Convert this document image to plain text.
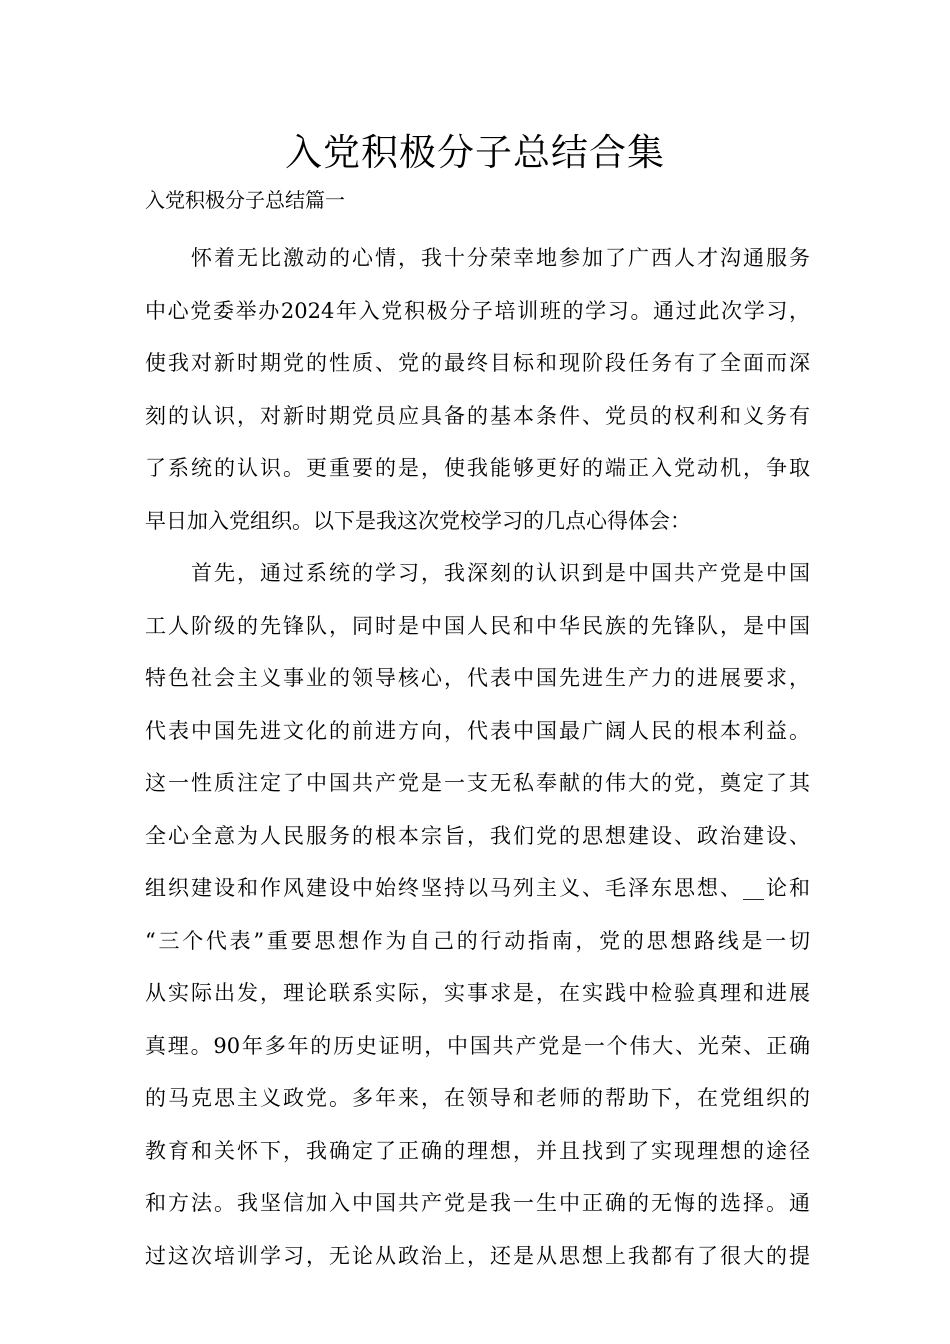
入党积极分子总结合集
入党积极分子总结篇一
怀着无比激动的心情，我十分荣幸地参加了广西人才沟通服务
中心党委举办2024年入党积极分子培训班的学习。通过此次学习，
使我对新时期党的性质、党的最终目标和现阶段任务有了全面而深
刻的认识，对新时期党员应具备的基本条件、党员的权利和义务有
了系统的认识。更重要的是，使我能够更好的端正入党动机，争取
早日加入党组织。以下是我这次党校学习的几点心得体会：
首先，通过系统的学习，我深刻的认识到是中国共产党是中国
工人阶级的先锋队，同时是中国人民和中华民族的先锋队，是中国
特色社会主义事业的领导核心，代表中国先进生产力的进展要求，
代表中国先进文化的前进方向，代表中国最广阔人民的根本利益。
这一性质注定了中国共产党是一支无私奉献的伟大的党，奠定了其
全心全意为人民服务的根本宗旨，我们党的思想建设、政治建设、
组织建设和作风建设中始终坚持以马列主义、毛泽东思想、__论和
“三个代表”重要思想作为自己的行动指南，党的思想路线是一切
从实际出发，理论联系实际，实事求是，在实践中检验真理和进展
真理。90年多年的历史证明，中国共产党是一个伟大、光荣、正确
的马克思主义政党。多年来，在领导和老师的帮助下，在党组织的
教育和关怀下，我确定了正确的理想，并且找到了实现理想的途径
和方法。我坚信加入中国共产党是我一生中正确的无悔的选择。通
过这次培训学习，无论从政治上，还是从思想上我都有了很大的提
